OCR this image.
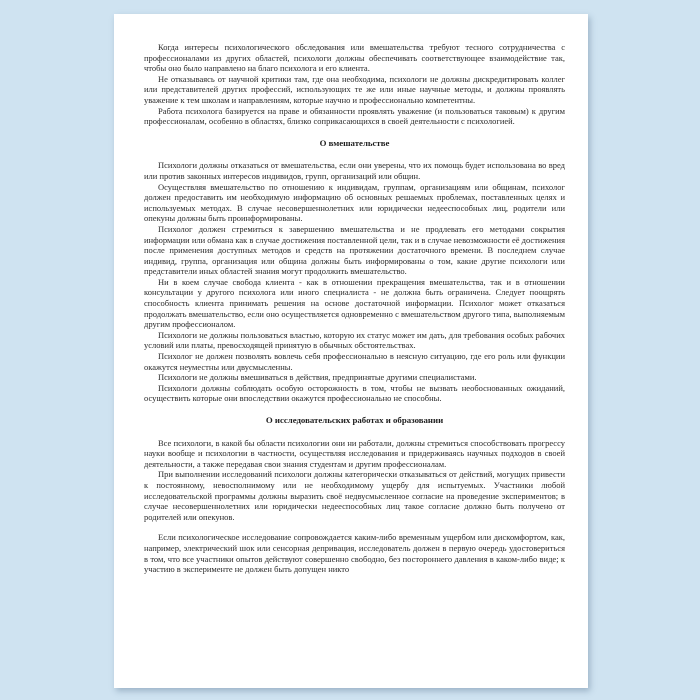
Когда интересы психологического обследования или вмешательства требуют тесного сотрудничества с профессионалами из других областей, психологи должны обеспечивать соответствующее взаимодействие так, чтобы оно было направлено на благо психолога и его клиента.

Не отказываясь от научной критики там, где она необходима, психологи не должны дискредитировать коллег или представителей других профессий, использующих те же или иные научные методы, и должны проявлять уважение к тем школам и направлениям, которые научно и профессионально компетентны.

Работа психолога базируется на праве и обязанности проявлять уважение (и пользоваться таковым) к другим профессионалам, особенно в областях, близко соприкасающихся в своей деятельности с психологией.

О вмешательстве

Психологи должны отказаться от вмешательства, если они уверены, что их помощь будет использована во вред или против законных интересов индивидов, групп, организаций или общин.

Осуществляя вмешательство по отношению к индивидам, группам, организациям или общинам, психолог должен предоставить им необходимую информацию об основных решаемых проблемах, поставленных целях и используемых методах. В случае несовершеннолетних или юридически недееспособных лиц, родители или опекуны должны быть проинформированы.

Психолог должен стремиться к завершению вмешательства и не продлевать его методами сокрытия информации или обмана как в случае достижения поставленной цели, так и в случае невозможности её достижения после применения доступных методов и средств на протяжении достаточного времени. В последнем случае индивид, группа, организация или община должны быть информированы о том, какие другие психологи или представители иных областей знания могут продолжить вмешательство.

Ни в коем случае свобода клиента - как в отношении прекращения вмешательства, так и в отношении консультации у другого психолога или иного специалиста - не должна быть ограничена. Следует поощрять способность клиента принимать решения на основе достаточной информации. Психолог может отказаться продолжать вмешательство, если оно осуществляется одновременно с вмешательством другого типа, выполняемым другим профессионалом.

Психологи не должны пользоваться властью, которую их статус может им дать, для требования особых рабочих условий или платы, превосходящей принятую в обычных обстоятельствах.

Психолог не должен позволять вовлечь себя профессионально в неясную ситуацию, где его роль или функции окажутся неуместны или двусмысленны.

Психологи не должны вмешиваться в действия, предпринятые другими специалистами.

Психологи должны соблюдать особую осторожность в том, чтобы не вызвать необоснованных ожиданий, осуществить которые они впоследствии окажутся профессионально не способны.

О исследовательских работах и образовании

Все психологи, в какой бы области психологии они ни работали, должны стремиться способствовать прогрессу науки вообще и психологии в частности, осуществляя исследования и придерживаясь научных подходов в своей деятельности, а также передавая свои знания студентам и другим профессионалам.

При выполнении исследований психологи должны категорически отказываться от действий, могущих привести к постоянному, невосполнимому или не необходимому ущербу для испытуемых. Участники любой исследовательской программы должны выразить своё недвусмысленное согласие на проведение экспериментов; в случае несовершеннолетних или юридически недееспособных лиц такое согласие должно быть получено от родителей или опекунов.

Если психологическое исследование сопровождается каким-либо временным ущербом или дискомфортом, как, например, электрический шок или сенсорная депривация, исследователь должен в первую очередь удостовериться в том, что все участники опытов действуют совершенно свободно, без постороннего давления в каком-либо виде; к участию в эксперименте не должен быть допущен никто
